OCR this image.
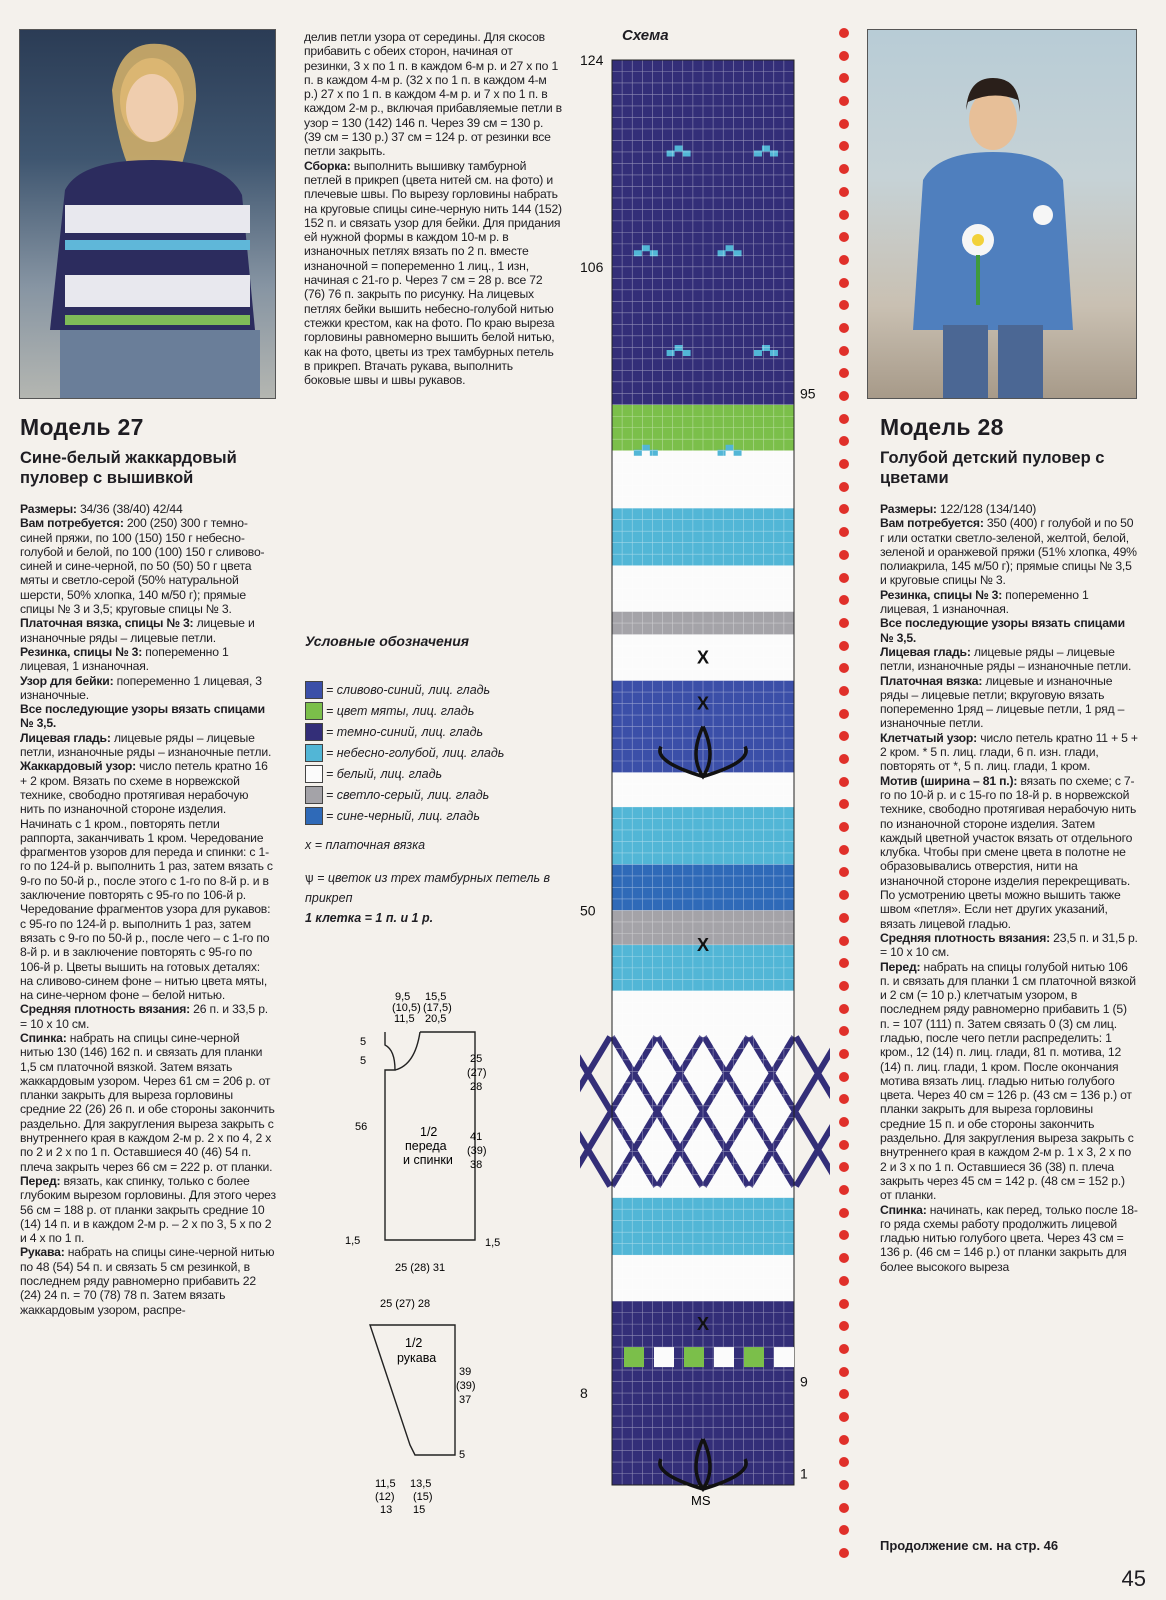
Модель 27
Сине-белый жаккардовый пуловер с вышивкой

Размеры: 34/36 (38/40) 42/44

Вам потребуется: 200 (250) 300 г темно-синей пряжи, по 100 (150) 150 г небесно-голубой и белой, по 100 (100) 150 г сливово-синей и сине-черной, по 50 (50) 50 г цвета мяты и светло-серой (50% натуральной шерсти, 50% хлопка, 140 м/50 г); прямые спицы № 3 и 3,5; круговые спицы № 3.

Платочная вязка, спицы № 3: лицевые и изнаночные ряды – лицевые петли.

Резинка, спицы № 3: попеременно 1 лицевая, 1 изнаночная.

Узор для бейки: попеременно 1 лицевая, 3 изнаночные.

Все последующие узоры вязать спицами № 3,5.

Лицевая гладь: лицевые ряды – лицевые петли, изнаночные ряды – изнаночные петли.

Жаккардовый узор: число петель кратно 16 + 2 кром. Вязать по схеме в норвежской технике, свободно протягивая нерабочую нить по изнаночной стороне изделия. Начинать с 1 кром., повторять петли раппорта, заканчивать 1 кром. Чередование фрагментов узоров для переда и спинки: с 1-го по 124-й р. выполнить 1 раз, затем вязать с 9-го по 50-й р., после этого с 1-го по 8-й р. и в заключение повторять с 95-го по 106-й р. Чередование фрагментов узора для рукавов: с 95-го по 124-й р. выполнить 1 раз, затем вязать с 9-го по 50-й р., после чего – с 1-го по 8-й р. и в заключение повторять с 95-го по 106-й р. Цветы вышить на готовых деталях: на сливово-синем фоне – нитью цвета мяты, на сине-черном фоне – белой нитью.

Средняя плотность вязания: 26 п. и 33,5 р. = 10 х 10 см.

Спинка: набрать на спицы сине-черной нитью 130 (146) 162 п. и связать для планки 1,5 см платочной вязкой. Затем вязать жаккардовым узором. Через 61 см = 206 р. от планки закрыть для выреза горловины средние 22 (26) 26 п. и обе стороны закончить раздельно. Для закругления выреза закрыть с внутреннего края в каждом 2-м р. 2 х по 4, 2 х по 2 и 2 х по 1 п. Оставшиеся 40 (46) 54 п. плеча закрыть через 66 см = 222 р. от планки.

Перед: вязать, как спинку, только с более глубоким вырезом горловины. Для этого через 56 см = 188 р. от планки закрыть средние 10 (14) 14 п. и в каждом 2-м р. – 2 х по 3, 5 х по 2 и 4 х по 1 п.

Рукава: набрать на спицы сине-черной нитью по 48 (54) 54 п. и связать 5 см резинкой, в последнем ряду равномерно прибавить 22 (24) 24 п. = 70 (78) 78 п. Затем вязать жаккардовым узором, распре-

делив петли узора от середины. Для скосов прибавить с обеих сторон, начиная от резинки, 3 х по 1 п. в каждом 6-м р. и 27 х по 1 п. в каждом 4-м р. (32 х по 1 п. в каждом 4-м р.) 27 х по 1 п. в каждом 4-м р. и 7 х по 1 п. в каждом 2-м р., включая прибавляемые петли в узор = 130 (142) 146 п. Через 39 см = 130 р. (39 см = 130 р.) 37 см = 124 р. от резинки все петли закрыть.

Сборка: выполнить вышивку тамбурной петлей в прикреп (цвета нитей см. на фото) и плечевые швы. По вырезу горловины набрать на круговые спицы сине-черную нить 144 (152) 152 п. и связать узор для бейки. Для придания ей нужной формы в каждом 10-м р. в изнаночных петлях вязать по 2 п. вместе изнаночной = попеременно 1 лиц., 1 изн, начиная с 21-го р. Через 7 см = 28 р. все 72 (76) 76 п. закрыть по рисунку. На лицевых петлях бейки вышить небесно-голубой нитью стежки крестом, как на фото. По краю выреза горловины равномерно вышить белой нитью, как на фото, цветы из трех тамбурных петель в прикреп. Втачать рукава, выполнить боковые швы и швы рукавов.

Условные обозначения
= сливово-синий, лиц. гладь
= цвет мяты, лиц. гладь
= темно-синий, лиц. гладь
= небесно-голубой, лиц. гладь
= белый, лиц. гладь
= светло-серый, лиц. гладь
= сине-черный, лиц. гладь
x = платочная вязка
ѱ = цветок из трех тамбурных петель в прикреп
1 клетка = 1 п. и 1 р.
9,5
(10,5)
11,5
15,5
(17,5)
20,5
5
5
56
25
(27)
28
41
(39)
38
1/2
переда
и спинки
1,5	1,5
25 (28) 31
25 (27) 28
1/2
рукава
39
(39)
37
5
11,5
(12)
13
13,5
(15)
15
Схема
X
X
X
X
124
106
95
50
9
8
1
MS
Модель 28
Голубой детский пуловер с цветами

Размеры: 122/128 (134/140)

Вам потребуется: 350 (400) г голубой и по 50 г или остатки светло-зеленой, желтой, белой, зеленой и оранжевой пряжи (51% хлопка, 49% полиакрила, 145 м/50 г); прямые спицы № 3,5 и круговые спицы № 3.

Резинка, спицы № 3: попеременно 1 лицевая, 1 изнаночная.

Все последующие узоры вязать спицами № 3,5.

Лицевая гладь: лицевые ряды – лицевые петли, изнаночные ряды – изнаночные петли.

Платочная вязка: лицевые и изнаночные ряды – лицевые петли; вкруговую вязать попеременно 1ряд – лицевые петли, 1 ряд – изнаночные петли.

Клетчатый узор: число петель кратно 11 + 5 + 2 кром. * 5 п. лиц. глади, 6 п. изн. глади, повторять от *, 5 п. лиц. глади, 1 кром.

Мотив (ширина – 81 п.): вязать по схеме; с 7-го по 10-й р. и с 15-го по 18-й р. в норвежской технике, свободно протягивая нерабочую нить по изнаночной стороне изделия. Затем каждый цветной участок вязать от отдельного клубка. Чтобы при смене цвета в полотне не образовывались отверстия, нити на изнаночной стороне изделия перекрещивать. По усмотрению цветы можно вышить также швом «петля». Если нет других указаний, вязать лицевой гладью.

Средняя плотность вязания: 23,5 п. и 31,5 р. = 10 х 10 см.

Перед: набрать на спицы голубой нитью 106 п. и связать для планки 1 см платочной вязкой и 2 см (= 10 р.) клетчатым узором, в последнем ряду равномерно прибавить 1 (5) п. = 107 (111) п. Затем связать 0 (3) см лиц. гладью, после чего петли распределить: 1 кром., 12 (14) п. лиц. глади, 81 п. мотива, 12 (14) п. лиц. глади, 1 кром. После окончания мотива вязать лиц. гладью нитью голубого цвета. Через 40 см = 126 р. (43 см = 136 р.) от планки закрыть для выреза горловины средние 15 п. и обе стороны закончить раздельно. Для закругления выреза закрыть с внутреннего края в каждом 2-м р. 1 х 3, 2 х по 2 и 3 х по 1 п. Оставшиеся 36 (38) п. плеча закрыть через 45 см = 142 р. (48 см = 152 р.) от планки.

Спинка: начинать, как перед, только после 18-го ряда схемы работу продолжить лицевой гладью нитью голубого цвета. Через 43 см = 136 р. (46 см = 146 р.) от планки закрыть для более высокого выреза

Продолжение см. на стр. 46
45
